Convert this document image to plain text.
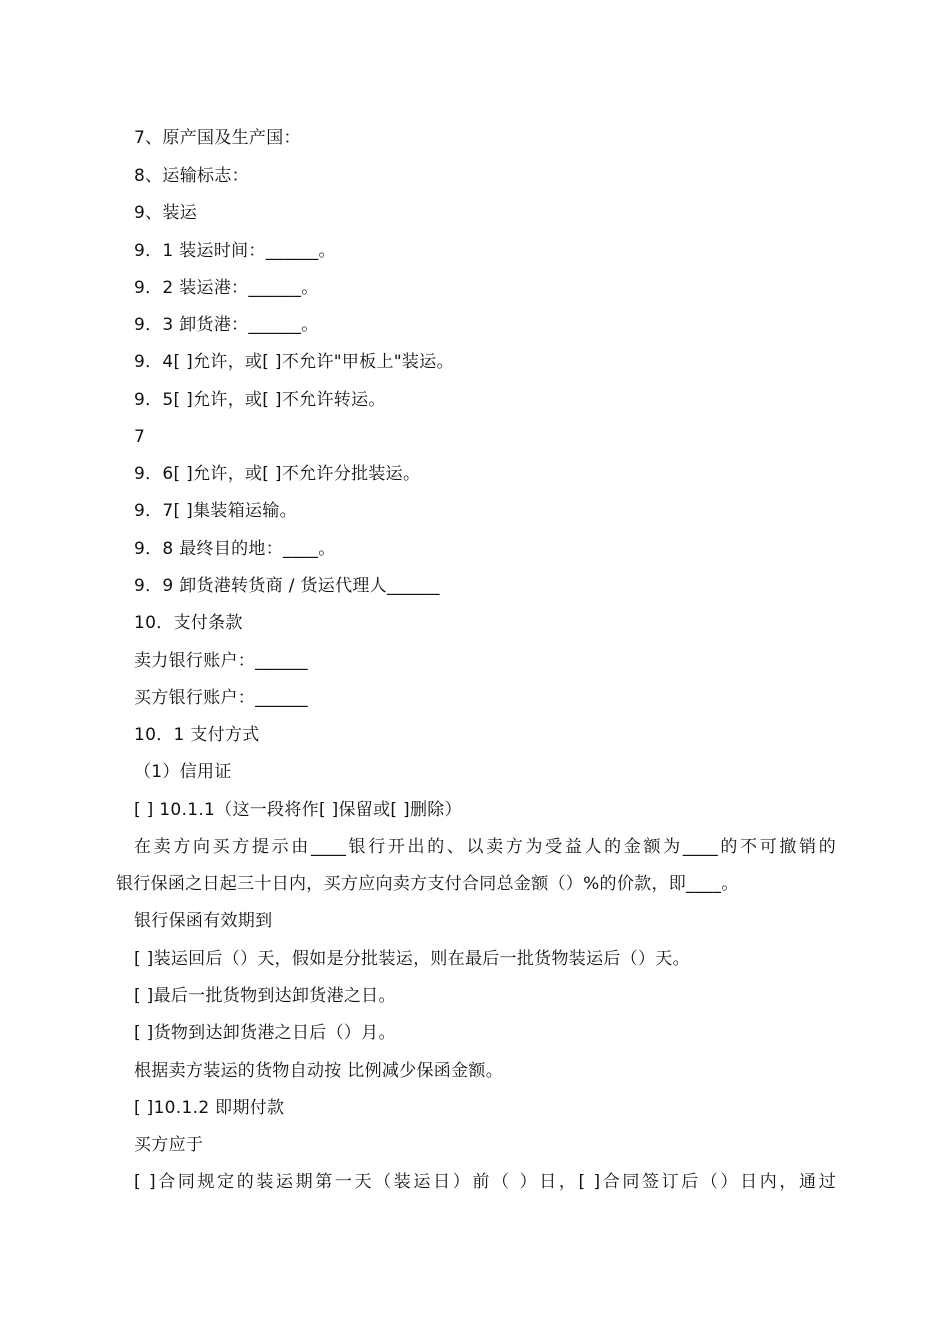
7、原产国及生产国：
8、运输标志：
9、装运
9．1 装运时间：______。
9．2 装运港：______。
9．3 卸货港：______。
9．4[ ]允许，或[ ]不允许"甲板上"装运。
9．5[ ]允许，或[ ]不允许转运。
7
9．6[ ]允许，或[ ]不允许分批装运。
9．7[ ]集装箱运输。
9．8 最终目的地：____。
9．9 卸货港转货商 / 货运代理人______
10．支付条款
卖力银行账户：______
买方银行账户：______
10．1 支付方式
（1）信用证
[ ] 10.1.1（这一段将作[ ]保留或[ ]删除）
在卖方向买方提示由____银行开出的、以卖方为受益人的金额为____的不可撤销的
银行保函之日起三十日内，买方应向卖方支付合同总金额（）%的价款，即____。
银行保函有效期到
[ ]装运回后（）天，假如是分批装运，则在最后一批货物装运后（）天。
[ ]最后一批货物到达卸货港之日。
[ ]货物到达卸货港之日后（）月。
根据卖方装运的货物自动按 比例减少保函金额。
[ ]10.1.2 即期付款
买方应于
[ ]合同规定的装运期第一天（装运日）前（ ）日，[ ]合同签订后（）日内，通过
